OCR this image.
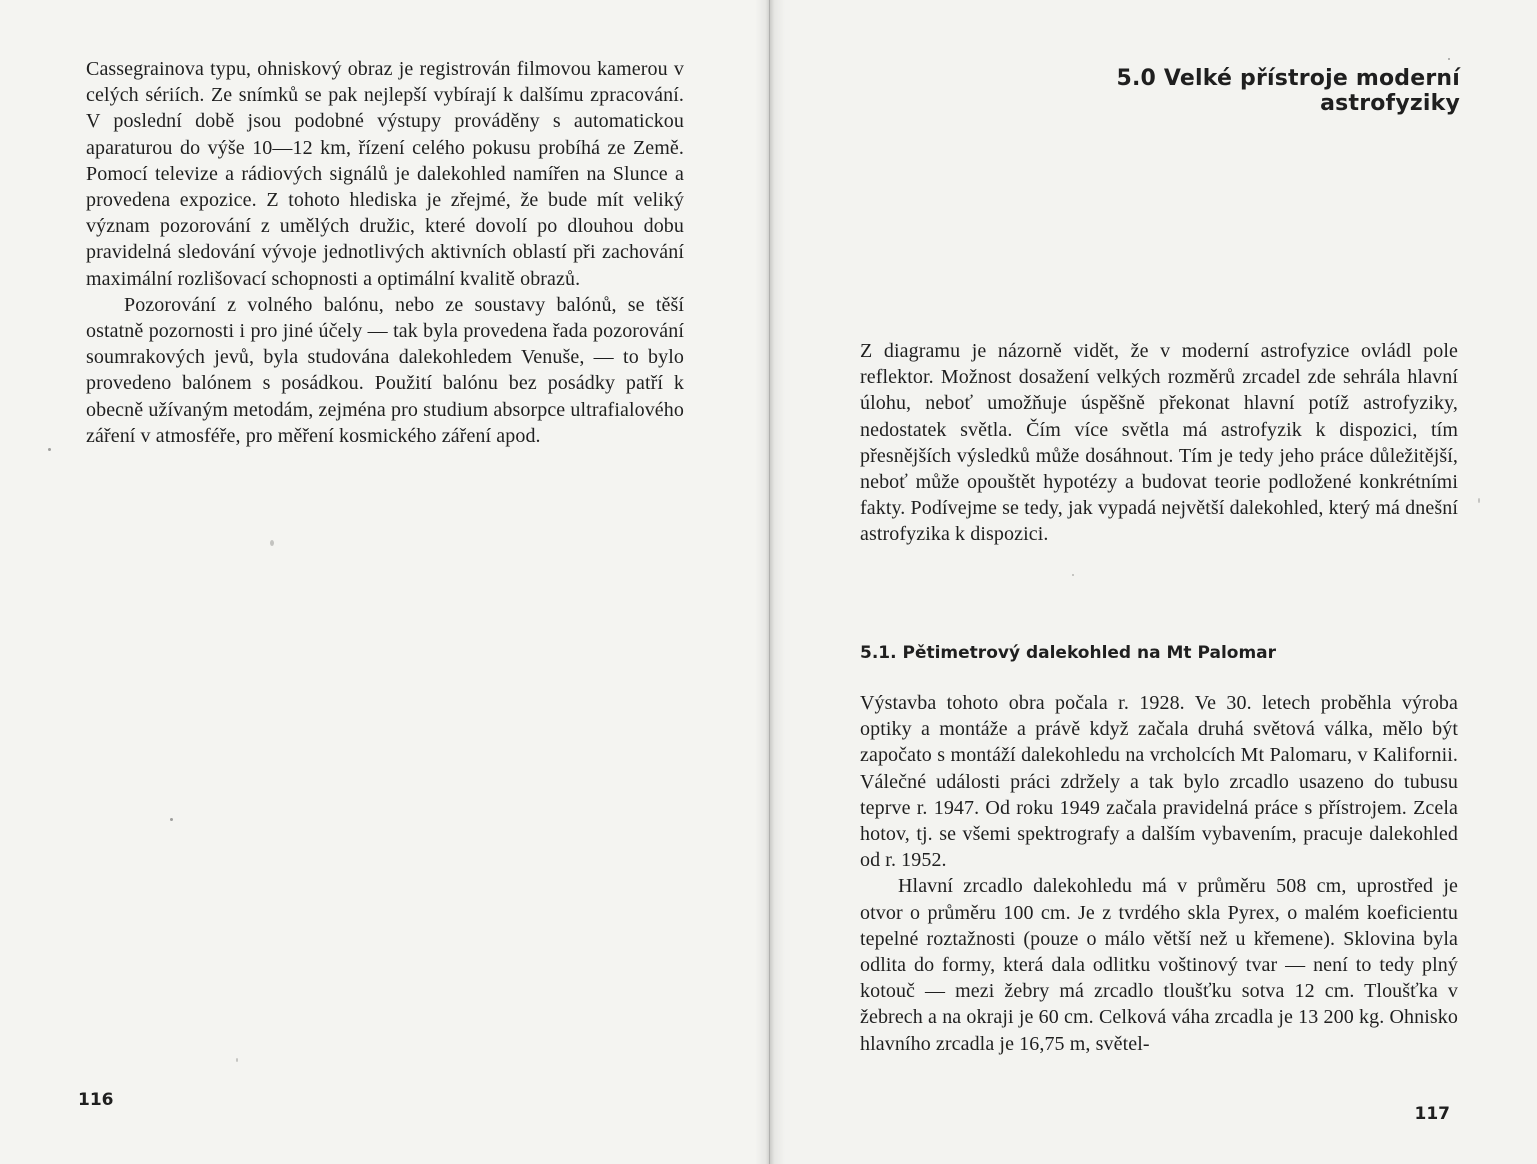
Cassegrainova typu, ohniskový obraz je registrován filmovou kamerou v celých sériích. Ze snímků se pak nejlepší vybírají k dalšímu zpracování. V poslední době jsou podobné výstupy prováděny s automatickou aparaturou do výše 10—12 km, řízení celého pokusu probíhá ze Země. Pomocí televize a rádiových signálů je dalekohled namířen na Slunce a provedena expozice. Z tohoto hlediska je zřejmé, že bude mít veliký význam pozorování z umělých družic, které dovolí po dlouhou dobu pravidelná sledování vývoje jednotlivých aktivních oblastí při zachování maximální rozlišovací schopnosti a optimální kvalitě obrazů.

Pozorování z volného balónu, nebo ze soustavy balónů, se těší ostatně pozornosti i pro jiné účely — tak byla provedena řada pozorování soumrakových jevů, byla studována dalekohledem Venuše, — to bylo provedeno balónem s posádkou. Použití balónu bez posádky patří k obecně užívaným metodám, zejména pro studium absorpce ultrafialového záření v atmosféře, pro měření kosmického záření apod.

116
5.0 Velké přístroje moderní astrofyziky

Z diagramu je názorně vidět, že v moderní astrofyzice ovládl pole reflektor. Možnost dosažení velkých rozměrů zrcadel zde sehrála hlavní úlohu, neboť umožňuje úspěšně překonat hlavní potíž astrofyziky, nedostatek světla. Čím více světla má astrofyzik k dispozici, tím přesnějších výsledků může dosáhnout. Tím je tedy jeho práce důležitější, neboť může opouštět hypotézy a budovat teorie podložené konkrétními fakty. Podívejme se tedy, jak vypadá největší dalekohled, který má dnešní astrofyzika k dispozici.

5.1. Pětimetrový dalekohled na Mt Palomar

Výstavba tohoto obra počala r. 1928. Ve 30. letech proběhla výroba optiky a montáže a právě když začala druhá světová válka, mělo být započato s montáží dalekohledu na vrcholcích Mt Palomaru, v Kalifornii. Válečné události práci zdržely a tak bylo zrcadlo usazeno do tubusu teprve r. 1947. Od roku 1949 začala pravidelná práce s přístrojem. Zcela hotov, tj. se všemi spektrografy a dalším vybavením, pracuje dalekohled od r. 1952.

Hlavní zrcadlo dalekohledu má v průměru 508 cm, uprostřed je otvor o průměru 100 cm. Je z tvrdého skla Pyrex, o malém koeficientu tepelné roztažnosti (pouze o málo větší než u křemene). Sklovina byla odlita do formy, která dala odlitku voštinový tvar — není to tedy plný kotouč — mezi žebry má zrcadlo tloušťku sotva 12 cm. Tloušťka v žebrech a na okraji je 60 cm. Celková váha zrcadla je 13 200 kg. Ohnisko hlavního zrcadla je 16,75 m, světel-

117
